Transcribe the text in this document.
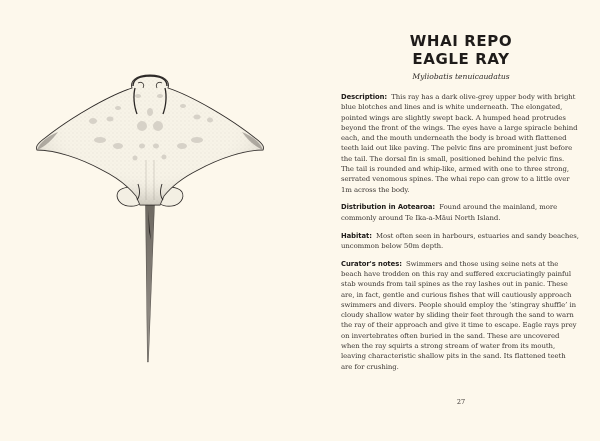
WHAI REPO
EAGLE RAY

Myliobatis tenuicaudatus

Description: This ray has a dark olive-grey upper body with bright blue blotches and lines and is white underneath. The elongated, pointed wings are slightly swept back. A humped head protrudes beyond the front of the wings. The eyes have a large spiracle behind each, and the mouth underneath the body is broad with flattened teeth laid out like paving. The pelvic fins are prominent just before the tail. The dorsal fin is small, positioned behind the pelvic fins. The tail is rounded and whip-like, armed with one to three strong, serrated venomous spines. The whai repo can grow to a little over 1m across the body.

Distribution in Aotearoa: Found around the mainland, more commonly around Te Ika-a-Māui North Island.

Habitat: Most often seen in harbours, estuaries and sandy beaches, uncommon below 50m depth.

Curator's notes: Swimmers and those using seine nets at the beach have trodden on this ray and suffered excruciatingly painful stab wounds from tail spines as the ray lashes out in panic. These are, in fact, gentle and curious fishes that will cautiously approach swimmers and divers. People should employ the ‘stingray shuffle’ in cloudy shallow water by sliding their feet through the sand to warn the ray of their approach and give it time to escape. Eagle rays prey on invertebrates often buried in the sand. These are uncovered when the ray squirts a strong stream of water from its mouth, leaving characteristic shallow pits in the sand. Its flattened teeth are for crushing.

27
